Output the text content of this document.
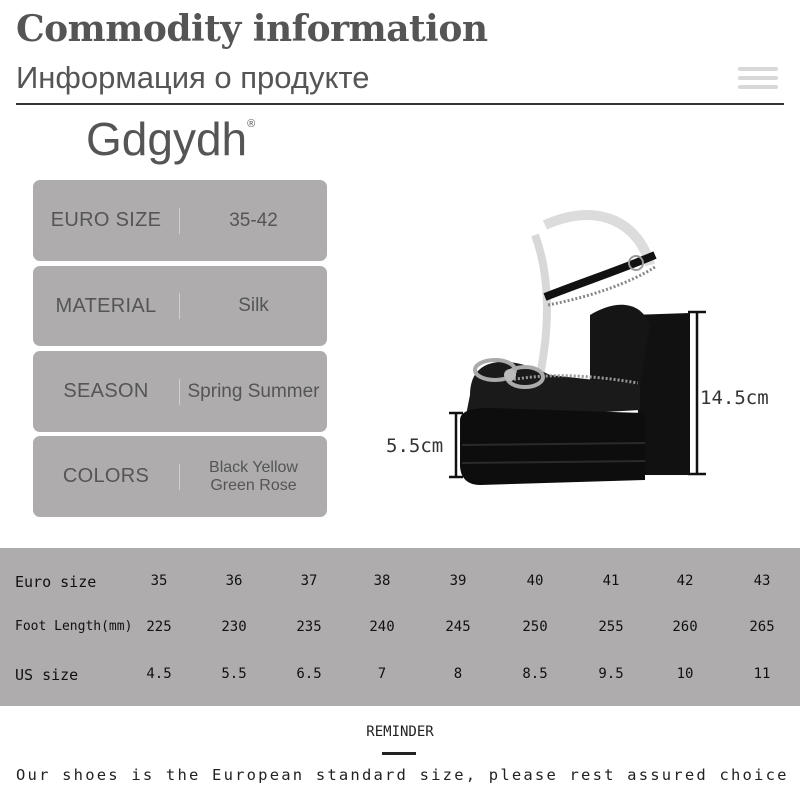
Commodity information
Информация о продукте
Gdgydh®
EURO SIZE	35-42
MATERIAL	Silk
SEASON	Spring Summer
COLORS	Black Yellow
Green Rose
14.5cm
5.5cm
Euro size	35	36	37	38	39	40	41	42	43
Foot Length(mm) 225	230	235	240	245	250	255	260	265
US size	4.5	5.5	6.5	7	8	8.5	9.5	10	11
REMINDER
Our shoes is the European standard size, please rest assured choice
